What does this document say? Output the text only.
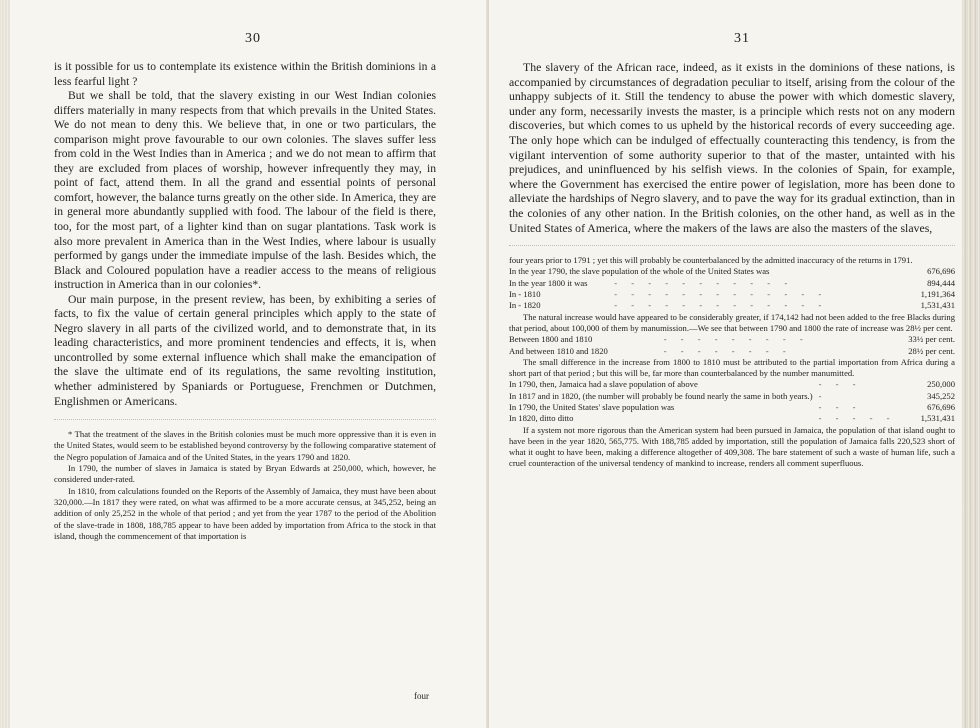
30

is it possible for us to contemplate its existence within the British dominions in a less fearful light ?

But we shall be told, that the slavery existing in our West Indian colonies differs materially in many respects from that which prevails in the United States. We do not mean to deny this. We believe that, in one or two particulars, the comparison might prove favourable to our own colonies. The slaves suffer less from cold in the West Indies than in America ; and we do not mean to affirm that they are excluded from places of worship, however infrequently they may, in point of fact, attend them. In all the grand and essential points of personal comfort, however, the balance turns greatly on the other side. In America, they are in general more abundantly supplied with food. The labour of the field is there, too, for the most part, of a lighter kind than on sugar plantations. Task work is also more prevalent in America than in the West Indies, where labour is usually performed by gangs under the immediate impulse of the lash. Besides which, the Black and Coloured population have a readier access to the means of religious instruction in America than in our colonies*.

Our main purpose, in the present review, has been, by exhibiting a series of facts, to fix the value of certain general principles which apply to the state of Negro slavery in all parts of the civilized world, and to demonstrate that, in its leading characteristics, and more prominent tendencies and effects, it is, when uncontrolled by some external influence which shall make the emancipation of the slave the ultimate end of its regulations, the same revolting institution, whether administered by Spaniards or Portuguese, Frenchmen or Dutchmen, Englishmen or Americans.

* That the treatment of the slaves in the British colonies must be much more oppressive than it is even in the United States, would seem to be established beyond controversy by the following comparative statement of the Negro population of Jamaica and of the United States, in the years 1790 and 1820.

In 1790, the number of slaves in Jamaica is stated by Bryan Edwards at 250,000, which, however, he considered under-rated.

In 1810, from calculations founded on the Reports of the Assembly of Jamaica, they must have been about 320,000.—In 1817 they were rated, on what was affirmed to be a more accurate census, at 345,252, being an addition of only 25,252 in the whole of that period ; and yet from the year 1787 to the period of the Abolition of the slave-trade in 1808, 188,785 appear to have been added by importation from Africa to the stock in that island, though the commencement of that importation is

four
31

The slavery of the African race, indeed, as it exists in the dominions of these nations, is accompanied by circumstances of degradation peculiar to itself, arising from the colour of the unhappy subjects of it. Still the tendency to abuse the power with which domestic slavery, under any form, necessarily invests the master, is a principle which rests not on any modern discoveries, but which comes to us upheld by the historical records of every succeeding age. The only hope which can be indulged of effectually counteracting this tendency, is from the vigilant intervention of some authority superior to that of the master, untainted with his prejudices, and uninfluenced by his selfish views. In the colonies of Spain, for example, where the Government has exercised the entire power of legislation, more has been done to alleviate the hardships of Negro slavery, and to pave the way for its gradual extinction, than in the colonies of any other nation. In the British colonies, on the other hand, as well as in the United States of America, where the makers of the laws are also the masters of the slaves,

four years prior to 1791 ; yet this will probably be counterbalanced by the admitted inaccuracy of the returns in 1791.

In the year 1790, the slave population of the whole of the United States was	676,696
In the year 1800 it was	- - - - - - - - - - -	894,444
In - 1810	- - - - - - - - - - - - -	1,191,364
In - 1820	- - - - - - - - - - - - -	1,531,431

The natural increase would have appeared to be considerably greater, if 174,142 had not been added to the free Blacks during that period, about 100,000 of them by manumission.—We see that between 1790 and 1800 the rate of increase was 28½ per cent.

Between 1800 and 1810	- - - - - - - - -	33½ per cent.
And between 1810 and 1820	- - - - - - - -	28½ per cent.

The small difference in the increase from 1800 to 1810 must be attributed to the partial importation from Africa during a short part of that period ; but this will be, far more than counterbalanced by the number manumitted.

In 1790, then, Jamaica had a slave population of above	- - -	250,000
In 1817 and in 1820, (the number will probably be found nearly the same in both years.)	-	345,252
In 1790, the United States' slave population was	- - -	676,696
In 1820, ditto ditto	- - - - -	1,531,431

If a system not more rigorous than the American system had been pursued in Jamaica, the population of that island ought to have been in the year 1820, 565,775. With 188,785 added by importation, still the population of Jamaica falls 220,523 short of what it ought to have been, making a difference altogether of 409,308. The bare statement of such a waste of human life, such a cruel counteraction of the universal tendency of mankind to increase, renders all comment superfluous.
